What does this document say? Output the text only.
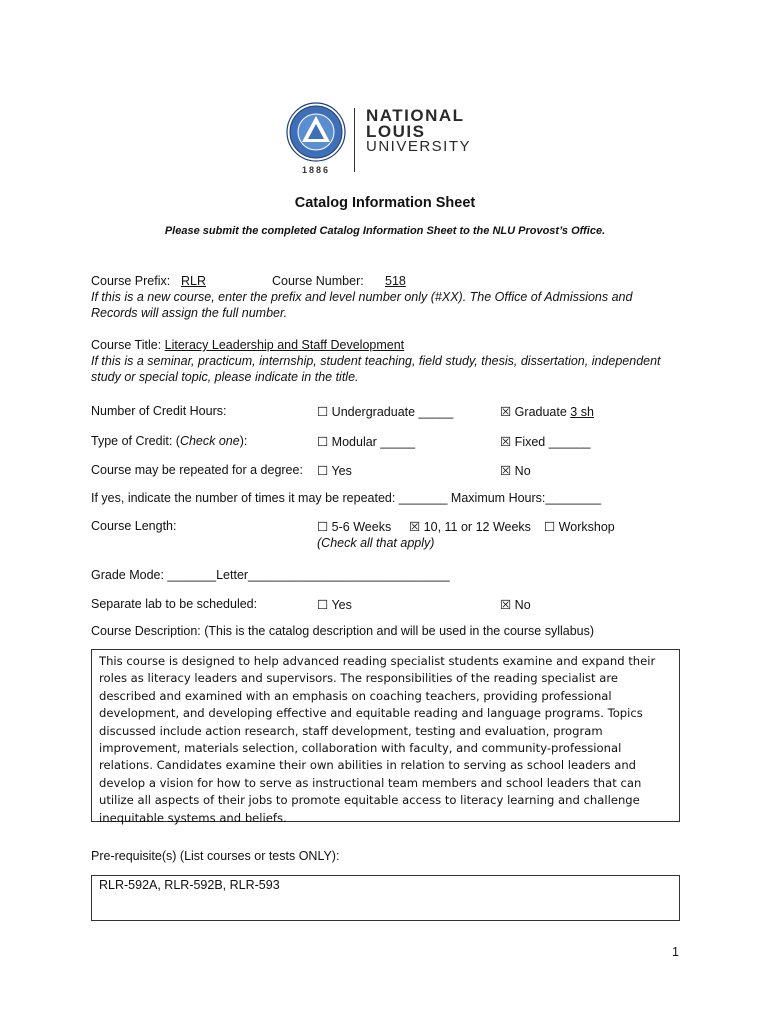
1886
NATIONAL
LOUIS
UNIVERSITY
Catalog Information Sheet
Please submit the completed Catalog Information Sheet to the NLU Provost’s Office.
Course Prefix: RLR	Course Number: 518
If this is a new course, enter the prefix and level number only (#XX). The Office of Admissions and
Records will assign the full number.
Course Title: Literacy Leadership and Staff Development
If this is a seminar, practicum, internship, student teaching, field study, thesis, dissertation, independent
study or special topic, please indicate in the title.
Number of Credit Hours:	☐ Undergraduate _____	☒ Graduate 3 sh
Type of Credit: (Check one):	☐ Modular _____	☒ Fixed ______
Course may be repeated for a degree: ☐ Yes	☒ No
If yes, indicate the number of times it may be repeated: _______ Maximum Hours:________
Course Length:	☐ 5-6 Weeks ☒ 10, 11 or 12 Weeks ☐ Workshop
(Check all that apply)
Grade Mode: _______Letter_____________________________
Separate lab to be scheduled:	☐ Yes	☒ No
Course Description: (This is the catalog description and will be used in the course syllabus)
This course is designed to help advanced reading specialist students examine and expand their roles as literacy leaders and supervisors. The responsibilities of the reading specialist are described and examined with an emphasis on coaching teachers, providing professional development, and developing effective and equitable reading and language programs. Topics discussed include action research, staff development, testing and evaluation, program improvement, materials selection, collaboration with faculty, and community-professional relations. Candidates examine their own abilities in relation to serving as school leaders and develop a vision for how to serve as instructional team members and school leaders that can utilize all aspects of their jobs to promote equitable access to literacy learning and challenge inequitable systems and beliefs.
Pre-requisite(s) (List courses or tests ONLY):
RLR-592A, RLR-592B, RLR-593
1
